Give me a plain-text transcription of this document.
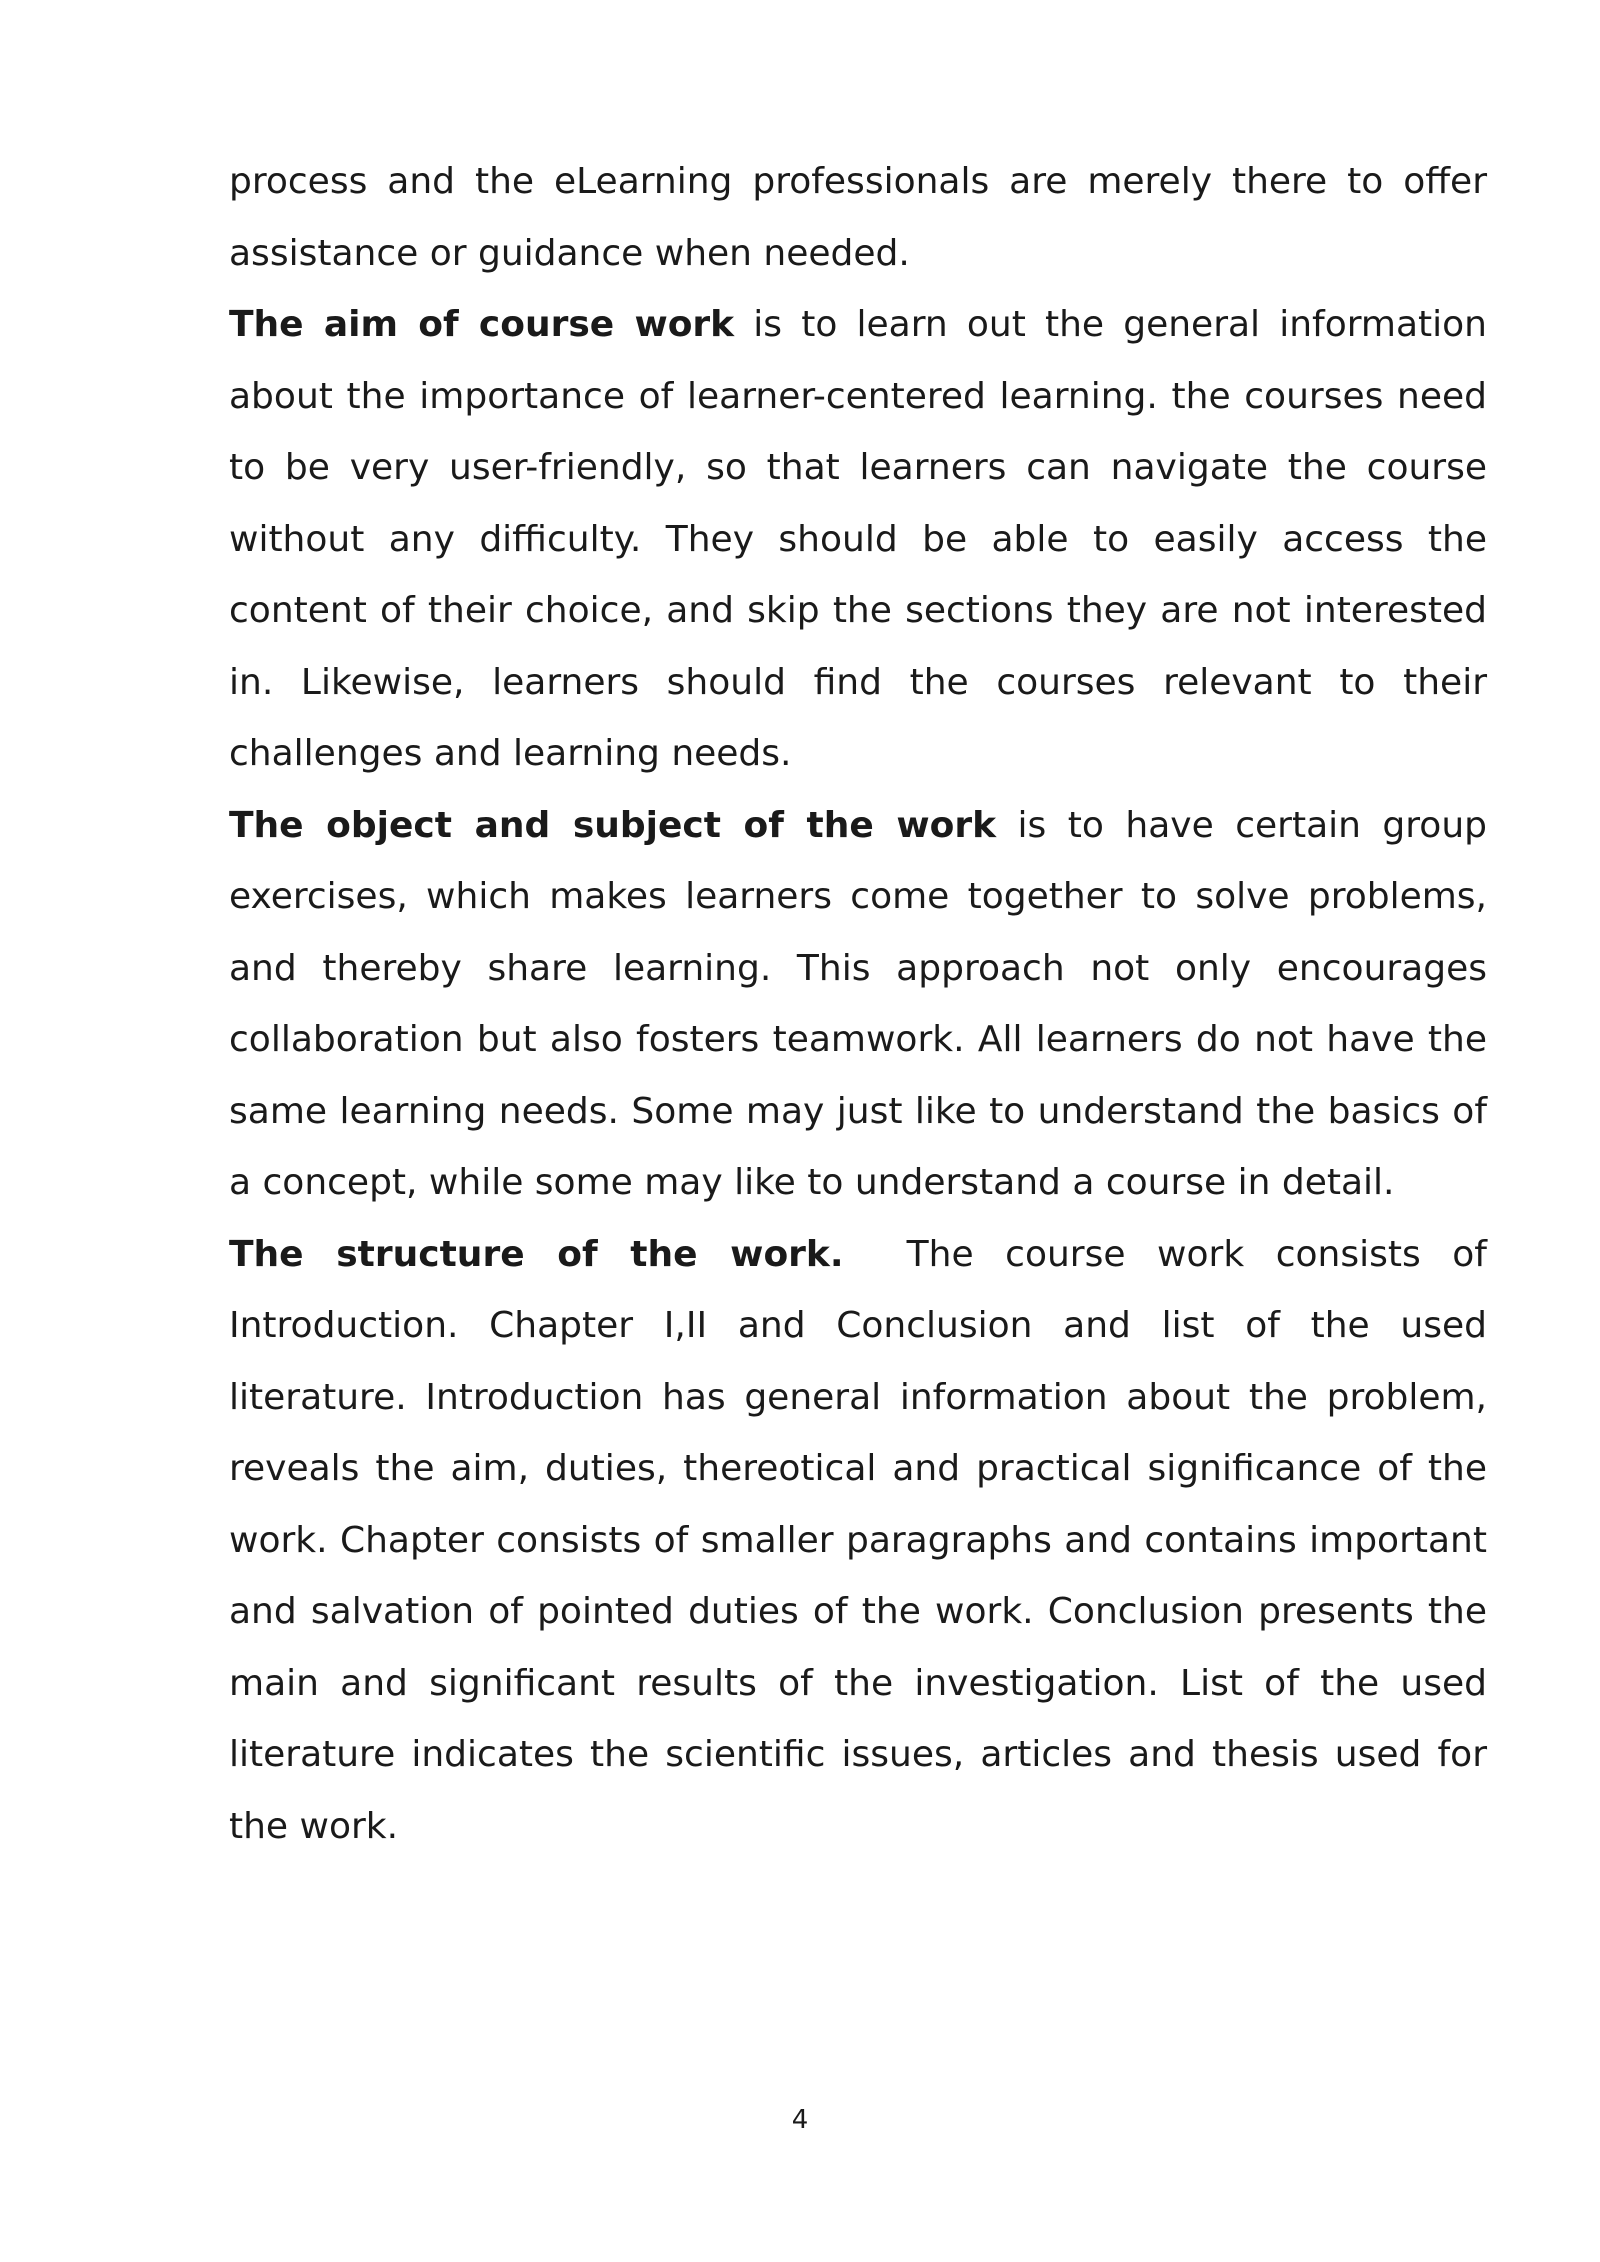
process and the eLearning professionals are merely there to offer assistance or guidance when needed.

The aim of course work is to learn out the general information about the importance of learner-centered learning. the courses need to be very user-friendly, so that learners can navigate the course without any difficulty. They should be able to easily access the content of their choice, and skip the sections they are not interested in. Likewise, learners should find the courses relevant to their challenges and learning needs.

The object and subject of the work is to have certain group exercises, which makes learners come together to solve problems, and thereby share learning. This approach not only encourages collaboration but also fosters teamwork. All learners do not have the same learning needs. Some may just like to understand the basics of a concept, while some may like to understand a course in detail.

The structure of the work.  The course work consists of Introduction. Chapter I,II and Conclusion and list of the used literature. Introduction has general information about the problem, reveals the aim, duties, thereotical and practical significance of the work. Chapter consists of smaller paragraphs and contains important and salvation of pointed duties of the work. Conclusion presents the main and significant results of the investigation. List of the used literature indicates the scientific issues, articles and thesis used for the work.

4
